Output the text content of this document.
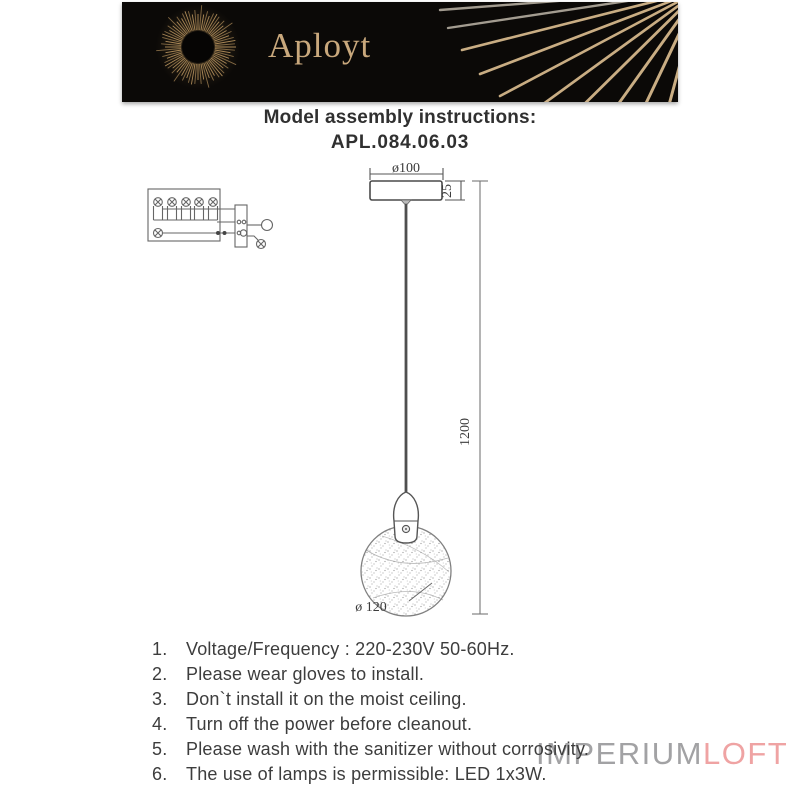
Aployt
Model assembly instructions:
APL.084.06.03
ø100
25
1200
ø 120
IMPERIUMLOFT
1.	Voltage/Frequency : 220-230V 50-60Hz.
2.	Please wear gloves to install.
3.	Don`t install it on the moist ceiling.
4.	Turn off the power before cleanout.
5.	Please wash with the sanitizer without corrosivity.
6.	The use of lamps is permissible: LED 1x3W.
